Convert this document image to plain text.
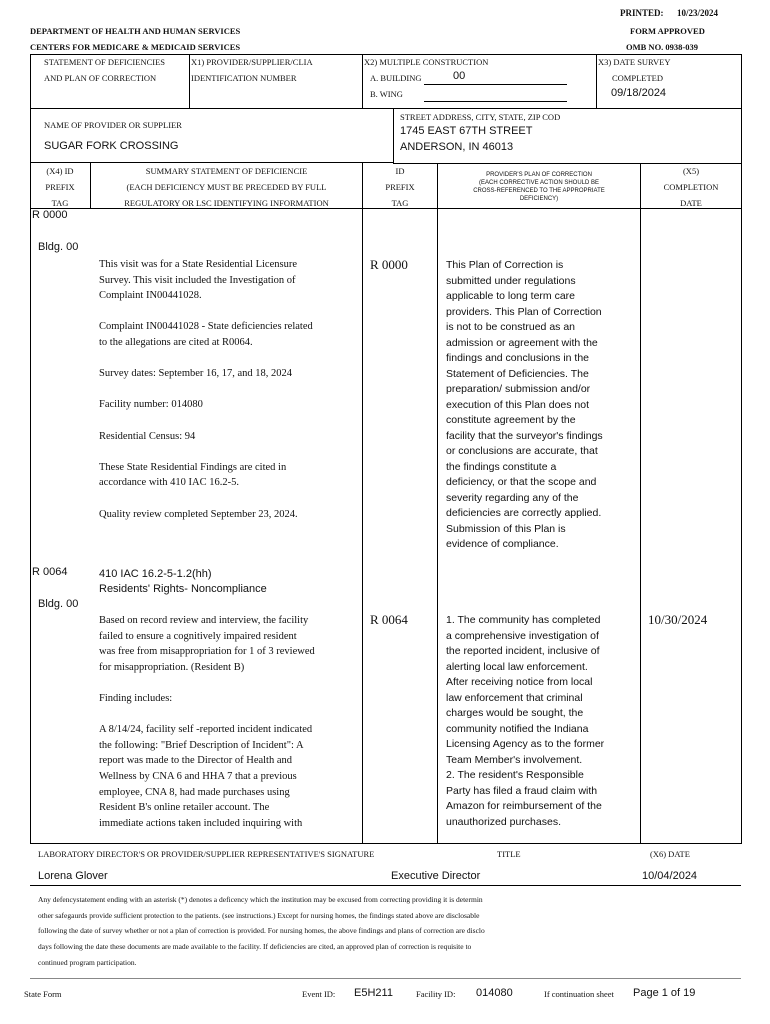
PRINTED: 10/23/2024
DEPARTMENT OF HEALTH AND HUMAN SERVICES
CENTERS FOR MEDICARE & MEDICAID SERVICES
FORM APPROVED
OMB NO. 0938-039
STATEMENT OF DEFICIENCIES
AND PLAN OF CORRECTION
X1) PROVIDER/SUPPLIER/CLIA
IDENTIFICATION NUMBER
X2) MULTIPLE CONSTRUCTION
A. BUILDING	00
B. WING
X3) DATE SURVEY
COMPLETED
09/18/2024
NAME OF PROVIDER OR SUPPLIER
SUGAR FORK CROSSING
STREET ADDRESS, CITY, STATE, ZIP COD
1745 EAST 67TH STREET
ANDERSON, IN 46013
(X4) ID
PREFIX
TAG
SUMMARY STATEMENT OF DEFICIENCIE
(EACH DEFICIENCY MUST BE PRECEDED BY FULL
REGULATORY OR LSC IDENTIFYING INFORMATION
ID
PREFIX
TAG
PROVIDER'S PLAN OF CORRECTION
(EACH CORRECTIVE ACTION SHOULD BE
CROSS-REFERENCED TO THE APPROPRIATE
DEFICIENCY)
(X5)
COMPLETION
DATE
R 0000
Bldg. 00
This visit was for a State Residential Licensure
Survey. This visit included the Investigation of
Complaint IN00441028.

Complaint IN00441028 - State deficiencies related
to the allegations are cited at R0064.

Survey dates: September 16, 17, and 18, 2024

Facility number: 014080

Residential Census: 94

These State Residential Findings are cited in
accordance with 410 IAC 16.2-5.

Quality review completed September 23, 2024.
R 0000	This Plan of Correction is
submitted under regulations
applicable to long term care
providers. This Plan of Correction
is not to be construed as an
admission or agreement with the
findings and conclusions in the
Statement of Deficiencies. The
preparation/ submission and/or
execution of this Plan does not
constitute agreement by the
facility that the surveyor's findings
or conclusions are accurate, that
the findings constitute a
deficiency, or that the scope and
severity regarding any of the
deficiencies are correctly applied.
Submission of this Plan is
evidence of compliance.
R 0064
Bldg. 00
410 IAC 16.2-5-1.2(hh)
Residents' Rights- Noncompliance
Based on record review and interview, the facility
failed to ensure a cognitively impaired resident
was free from misappropriation for 1 of 3 reviewed
for misappropriation. (Resident B)

Finding includes:

A 8/14/24, facility self -reported incident indicated
the following: "Brief Description of Incident": A
report was made to the Director of Health and
Wellness by CNA 6 and HHA 7 that a previous
employee, CNA 8, had made purchases using
Resident B's online retailer account. The
immediate actions taken included inquiring with
R 0064	1. The community has completed
a comprehensive investigation of
the reported incident, inclusive of
alerting local law enforcement.
After receiving notice from local
law enforcement that criminal
charges would be sought, the
community notified the Indiana
Licensing Agency as to the former
Team Member's involvement.
2. The resident's Responsible
Party has filed a fraud claim with
Amazon for reimbursement of the
unauthorized purchases.
10/30/2024
LABORATORY DIRECTOR'S OR PROVIDER/SUPPLIER REPRESENTATIVE'S SIGNATURE	TITLE	(X6) DATE
Lorena Glover	Executive Director	10/04/2024
Any defencystatement ending with an asterisk (*) denotes a deficency which the institution may be excused from correcting providing it is determin
other safegaurds provide sufficient protection to the patients. (see instructions.) Except for nursing homes, the findings stated above are disclosable
following the date of survey whether or not a plan of correction is provided. For nursing homes, the above findings and plans of correction are disclo
days following the date these documents are made available to the facility. If deficiencies are cited, an approved plan of correction is requisite to
continued program participation.
State Form	Event ID: E5H211	Facility ID: 014080	If continuation sheet Page 1 of 19
